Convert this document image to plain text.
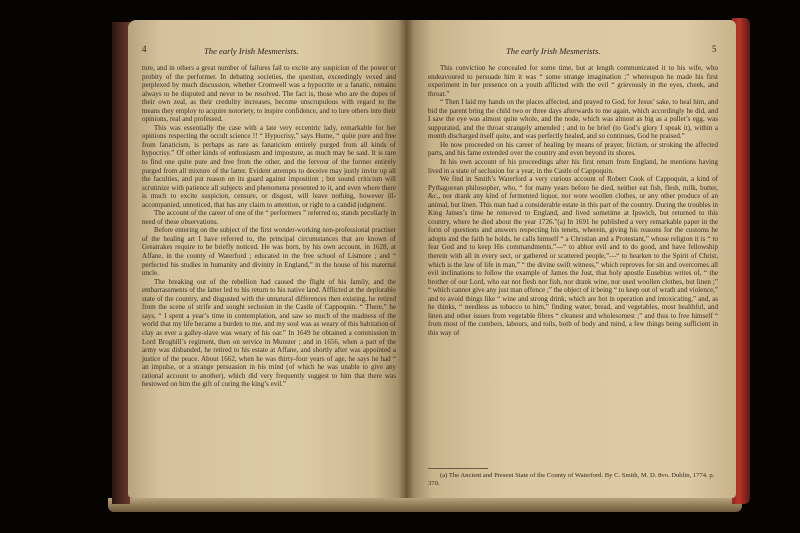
4	The early Irish Mesmerists.

ture, and in others a great number of failures fail to excite any suspicion of the power or probity of the performer. In debating societies, the question, exceedingly vexed and perplexed by much discussion, whether Cromwell was a hypocrite or a fanatic, remains always to be disputed and never to be resolved. The fact is, those who are the dupes of their own zeal, as their credulity increases, become unscrupulous with regard to the means they employ to acquire notoriety, to inspire confidence, and to lure others into their opinions, real and professed.

This was essentially the case with a late very eccentric lady, remarkable for her opinions respecting the occult science !! “ Hypocrisy,” says Hume, “ quite pure and free from fanaticism, is perhaps as rare as fanaticism entirely purged from all kinds of hypocrisy.” Of other kinds of enthusiasm and imposture, as much may be said. It is rare to find one quite pure and free from the other, and the fervour of the former entirely purged from all mixture of the latter. Evident attempts to deceive may justly invite up all the faculties, and put reason on its guard against imposition ; but sound criticism will scrutinize with patience all subjects and phenomena presented to it, and even where there is much to excite suspicion, censure, or disgust, will leave nothing, however ill-accompanied, unnoticed, that has any claim to attention, or right to a candid judgment.

The account of the career of one of the “ performers ” referred to, stands peculiarly in need of these observations.

Before entering on the subject of the first wonder-working non-professional practiser of the healing art I have referred to, the principal circumstances that are known of Greatrakes require to be briefly noticed. He was born, by his own account, in 1628, at Affane, in the county of Waterford ; educated in the free school of Lismore ; and “ perfected his studies in humanity and divinity in England,” in the house of his maternal uncle.

The breaking out of the rebellion had caused the flight of his family, and the embarrassments of the latter led to his return to his native land. Afflicted at the deplorable state of the country, and disgusted with the unnatural differences then existing, he retired from the scene of strife and sought seclusion in the Castle of Cappoquin. “ There,” he says, “ I spent a year’s time in contemplation, and saw so much of the madness of the world that my life became a burden to me, and my soul was as weary of this habitation of clay as ever a galley-slave was weary of his oar.” In 1649 he obtained a commission in Lord Broghill’s regiment, then on service in Munster ; and in 1656, when a part of the army was disbanded, he retired to his estate at Affane, and shortly after was appointed a justice of the peace. About 1662, when he was thirty-four years of age, he says he had “ an impulse, or a strange persuasion in his mind (of which he was unable to give any rational account to another), which did very frequently suggest to him that there was bestowed on him the gift of curing the king’s evil.”

The early Irish Mesmerists.	5

This conviction he concealed for some time, but at length communicated it to his wife, who endeavoured to persuade him it was “ some strange imagination ;” whereupon he made his first experiment in her presence on a youth afflicted with the evil “ grievously in the eyes, cheek, and throat.”

“ Then I laid my hands on the places affected, and prayed to God, for Jesus’ sake, to heal him, and bid the parent bring the child two or three days afterwards to me again, which accordingly he did, and I saw the eye was almost quite whole, and the node, which was almost as big as a pullet’s egg, was suppurated, and the throat strangely amended ; and to be brief (to God’s glory I speak it), within a month discharged itself quite, and was perfectly healed, and so continues, God be praised.”

He now proceeded on his career of healing by means of prayer, friction, or stroking the affected parts, and his fame extended over the country and even beyond its shores.

In his own account of his proceedings after his first return from England, he mentions having lived in a state of seclusion for a year, in the Castle of Cappoquin.

We find in Smith’s Waterford a very curious account of Robert Cook of Cappoquin, a kind of Pythagorean philosopher, who, “ for many years before he died, neither eat fish, flesh, milk, butter, &c., nor drank any kind of fermented liquor, nor wore woollen clothes, or any other produce of an animal, but linen. This man had a considerable estate in this part of the country. During the troubles in King James’s time he removed to England, and lived sometime at Ipswich, but returned to this country, where he died about the year 1726.”(a) In 1691 he published a very remarkable paper in the form of questions and answers respecting his tenets, wherein, giving his reasons for the customs he adopts and the faith he holds, he calls himself “ a Christian and a Protestant,” whose religion it is “ to fear God and to keep His commandments,”—“ to abhor evil and to do good, and have fellowship therein with all in every sect, or gathered or scattered people,”—“ to hearken to the Spirit of Christ, which is the law of life in man,” “ the divine swift witness,” which reproves for sin and overcomes all evil inclinations to follow the example of James the Just, that holy apostle Eusebius writes of, “ the brother of our Lord, who eat not flesh nor fish, nor drank wine, nor used woollen clothes, but linen ;” “ which cannot give any just man offence ;” the object of it being “ to keep out of wrath and violence,” and to avoid things like “ wine and strong drink, which are hot in operation and intoxicating,” and, as he thinks, “ needless as tobacco to him,” finding water, bread, and vegetables, most healthful, and linen and other issues from vegetable fibres “ cleanest and wholesomest ;” and thus to free himself “ from most of the cumbers, labours, and toils, both of body and mind, a few things being sufficient in this way of

(a) The Ancient and Present State of the County of Waterford. By C. Smith, M. D. 8vo. Dublin, 1774. p. 370.
